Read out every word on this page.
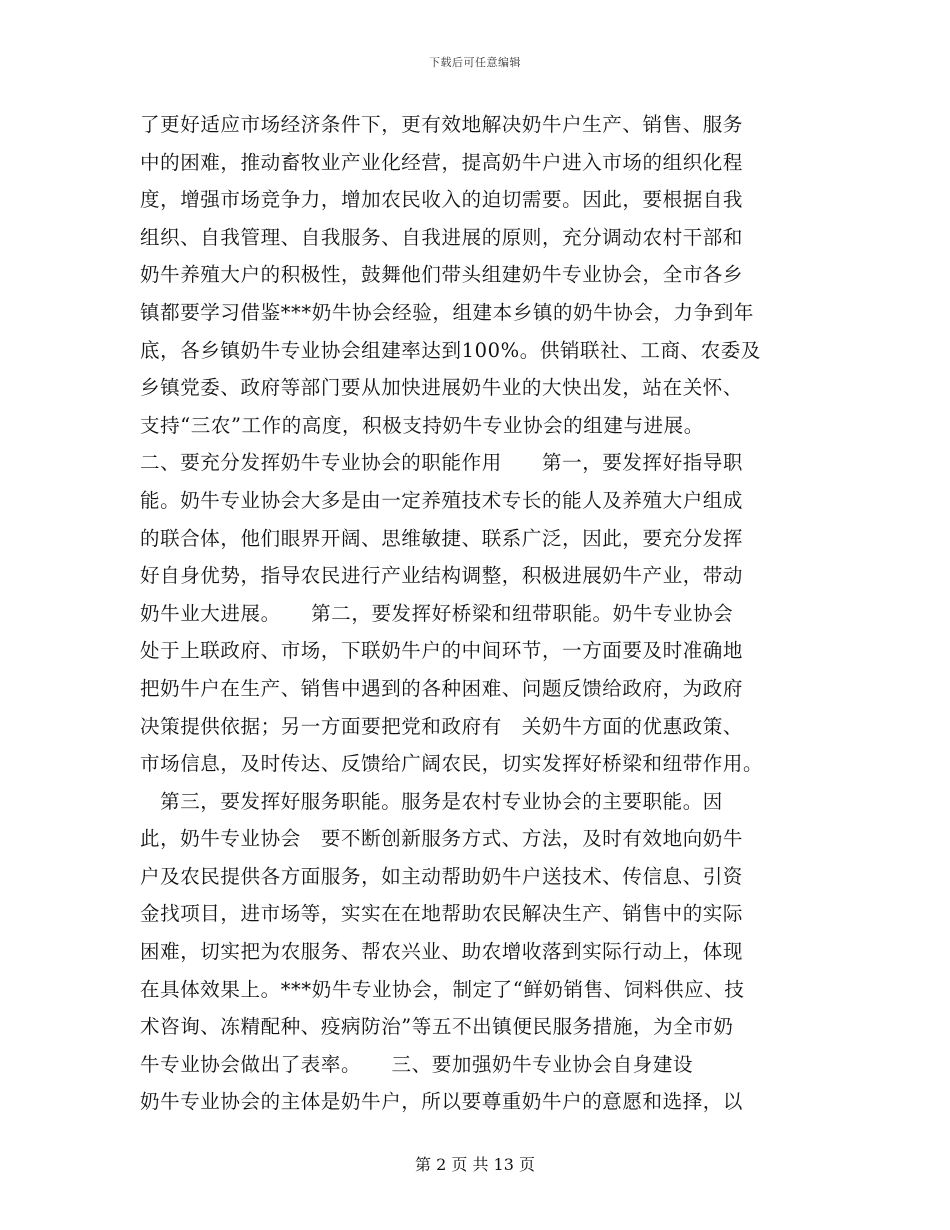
下载后可任意编辑
了更好适应市场经济条件下，更有效地解决奶牛户生产、销售、服务
中的困难，推动畜牧业产业化经营，提高奶牛户进入市场的组织化程
度，增强市场竞争力，增加农民收入的迫切需要。因此，要根据自我
组织、自我管理、自我服务、自我进展的原则，充分调动农村干部和
奶牛养殖大户的积极性，鼓舞他们带头组建奶牛专业协会，全市各乡
镇都要学习借鉴***奶牛协会经验，组建本乡镇的奶牛协会，力争到年
底，各乡镇奶牛专业协会组建率达到100%。供销联社、工商、农委及
乡镇党委、政府等部门要从加快进展奶牛业的大快出发，站在关怀、
支持“三农”工作的高度，积极支持奶牛专业协会的组建与进展。
二、要充分发挥奶牛专业协会的职能作用　　第一，要发挥好指导职
能。奶牛专业协会大多是由一定养殖技术专长的能人及养殖大户组成
的联合体，他们眼界开阔、思维敏捷、联系广泛，因此，要充分发挥
好自身优势，指导农民进行产业结构调整，积极进展奶牛产业，带动
奶牛业大进展。　　第二，要发挥好桥梁和纽带职能。奶牛专业协会
处于上联政府、市场，下联奶牛户的中间环节，一方面要及时准确地
把奶牛户在生产、销售中遇到的各种困难、问题反馈给政府，为政府
决策提供依据；另一方面要把党和政府有　关奶牛方面的优惠政策、
市场信息，及时传达、反馈给广阔农民，切实发挥好桥梁和纽带作用。
　第三，要发挥好服务职能。服务是农村专业协会的主要职能。因
此，奶牛专业协会　要不断创新服务方式、方法，及时有效地向奶牛
户及农民提供各方面服务，如主动帮助奶牛户送技术、传信息、引资
金找项目，进市场等，实实在在地帮助农民解决生产、销售中的实际
困难，切实把为农服务、帮农兴业、助农增收落到实际行动上，体现
在具体效果上。***奶牛专业协会，制定了“鲜奶销售、饲料供应、技
术咨询、冻精配种、疫病防治”等五不出镇便民服务措施，为全市奶
牛专业协会做出了表率。　　三、要加强奶牛专业协会自身建设
奶牛专业协会的主体是奶牛户，所以要尊重奶牛户的意愿和选择，以
第 2 页 共 13 页
